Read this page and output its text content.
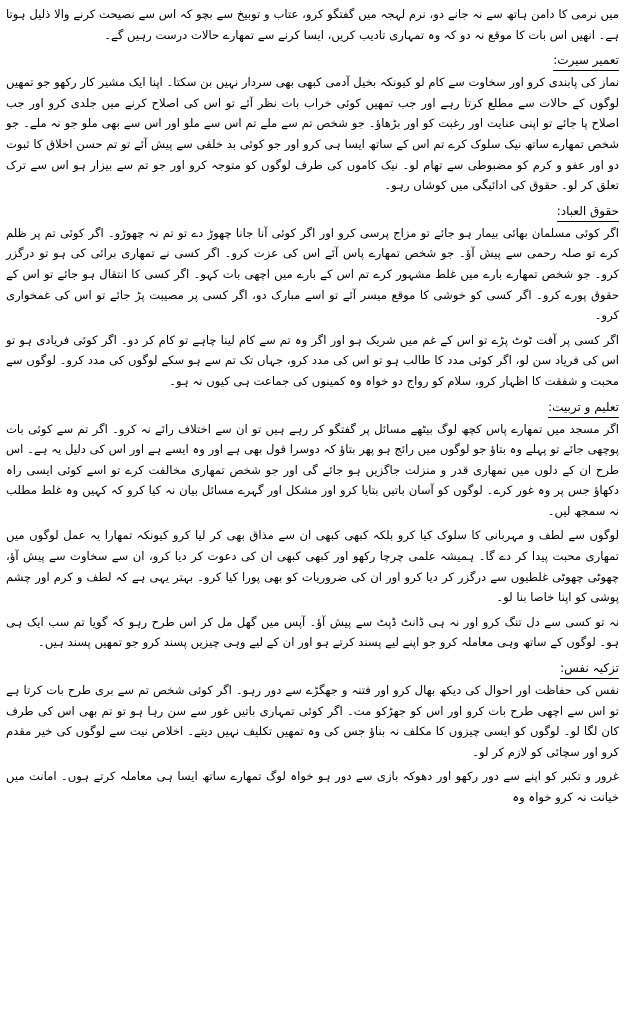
میں نرمی کا دامن ہاتھ سے نہ جانے دو، نرم لہجہ میں گفتگو کرو، عتاب و توبیخ سے بچو کہ اس سے نصیحت کرنے والا ذلیل ہوتا ہے۔ انھیں اس بات کا موقع نہ دو کہ وہ تمہاری تادیب کریں، ایسا کرنے سے تمھارے حالات درست رہیں گے۔

تعمیر سیرت:

نماز کی پابندی کرو اور سخاوت سے کام لو کیونکہ بخیل آدمی کبھی بھی سردار نہیں بن سکتا۔ اپنا ایک مشیر کار رکھو جو تمھیں لوگوں کے حالات سے مطلع کرتا رہے اور جب تمھیں کوئی خراب بات نظر آئے تو اس کی اصلاح کرنے میں جلدی کرو اور جب اصلاح پا جائے تو اپنی عنایت اور رغبت کو اور بڑھاؤ۔ جو شخص تم سے ملے تم اس سے ملو اور اس سے بھی ملو جو نہ ملے۔ جو شخص تمھارے ساتھ نیک سلوک کرے تم اس کے ساتھ ایسا ہی کرو اور جو کوئی بد خلقی سے پیش آئے تو تم حسن اخلاق کا ثبوت دو اور عفو و کرم کو مضبوطی سے تھام لو۔ نیک کاموں کی طرف لوگوں کو متوجہ کرو اور جو تم سے بیزار ہو اس سے ترک تعلق کر لو۔ حقوق کی ادائیگی میں کوشاں رہو۔

حقوق العباد:

اگر کوئی مسلمان بھائی بیمار ہو جائے تو مزاج پرسی کرو اور اگر کوئی آنا جانا چھوڑ دے تو تم نہ چھوڑو۔ اگر کوئی تم پر ظلم کرے تو صلہ رحمی سے پیش آؤ۔ جو شخص تمھارے پاس آئے اس کی عزت کرو۔ اگر کسی نے تمھاری برائی کی ہو تو درگزر کرو۔ جو شخص تمھارے بارے میں غلط مشہور کرے تم اس کے بارے میں اچھی بات کہو۔ اگر کسی کا انتقال ہو جائے تو اس کے حقوق پورے کرو۔ اگر کسی کو خوشی کا موقع میسر آئے تو اسے مبارک دو، اگر کسی پر مصیبت پڑ جائے تو اس کی غمخواری کرو۔

اگر کسی پر آفت ٹوٹ پڑے تو اس کے غم میں شریک ہو اور اگر وہ تم سے کام لینا چاہے تو کام کر دو۔ اگر کوئی فریادی ہو تو اس کی فریاد سن لو، اگر کوئی مدد کا طالب ہو تو اس کی مدد کرو، جہاں تک تم سے ہو سکے لوگوں کی مدد کرو۔ لوگوں سے محبت و شفقت کا اظہار کرو، سلام کو رواج دو خواہ وہ کمینوں کی جماعت ہی کیوں نہ ہو۔

تعلیم و تربیت:

اگر مسجد میں تمھارے پاس کچھ لوگ بیٹھے مسائل پر گفتگو کر رہے ہیں تو ان سے اختلاف رائے نہ کرو۔ اگر تم سے کوئی بات پوچھی جائے تو پہلے وہ بتاؤ جو لوگوں میں رائج ہو پھر بتاؤ کہ دوسرا قول بھی ہے اور وہ ایسے ہے اور اس کی دلیل یہ ہے۔ اس طرح ان کے دلوں میں تمھاری قدر و منزلت جاگزیں ہو جائے گی اور جو شخص تمھاری مخالفت کرے تو اسے کوئی ایسی راہ دکھاؤ جس پر وہ غور کرے۔ لوگوں کو آسان باتیں بتایا کرو اور مشکل اور گہرے مسائل بیان نہ کیا کرو کہ کہیں وہ غلط مطلب نہ سمجھ لیں۔

لوگوں سے لطف و مہربانی کا سلوک کیا کرو بلکہ کبھی کبھی ان سے مذاق بھی کر لیا کرو کیونکہ تمھارا یہ عمل لوگوں میں تمھاری محبت پیدا کر دے گا۔ ہمیشہ علمی چرچا رکھو اور کبھی کبھی ان کی دعوت کر دیا کرو، ان سے سخاوت سے پیش آؤ، چھوٹی چھوٹی غلطیوں سے درگزر کر دیا کرو اور ان کی ضروریات کو بھی پورا کیا کرو۔ بہتر یہی ہے کہ لطف و کرم اور چشم پوشی کو اپنا خاصا بنا لو۔

نہ تو کسی سے دل تنگ کرو اور نہ ہی ڈانٹ ڈپٹ سے پیش آؤ۔ آپس میں گھل مل کر اس طرح رہو کہ گویا تم سب ایک ہی ہو۔ لوگوں کے ساتھ وہی معاملہ کرو جو اپنے لیے پسند کرتے ہو اور ان کے لیے وہی چیزیں پسند کرو جو تمھیں پسند ہیں۔

تزکیہ نفس:

نفس کی حفاظت اور احوال کی دیکھ بھال کرو اور فتنہ و جھگڑے سے دور رہو۔ اگر کوئی شخص تم سے بری طرح بات کرتا ہے تو اس سے اچھی طرح بات کرو اور اس کو جھڑکو مت۔ اگر کوئی تمہاری باتیں غور سے سن رہا ہو تو تم بھی اس کی طرف کان لگا لو۔ لوگوں کو ایسی چیزوں کا مکلف نہ بناؤ جس کی وہ تمھیں تکلیف نہیں دیتے۔ اخلاص نیت سے لوگوں کی خیر مقدم کرو اور سچائی کو لازم کر لو۔

غرور و تکبر کو اپنے سے دور رکھو اور دھوکہ بازی سے دور ہو خواہ لوگ تمھارے ساتھ ایسا ہی معاملہ کرتے ہوں۔ امانت میں خیانت نہ کرو خواہ وہ
